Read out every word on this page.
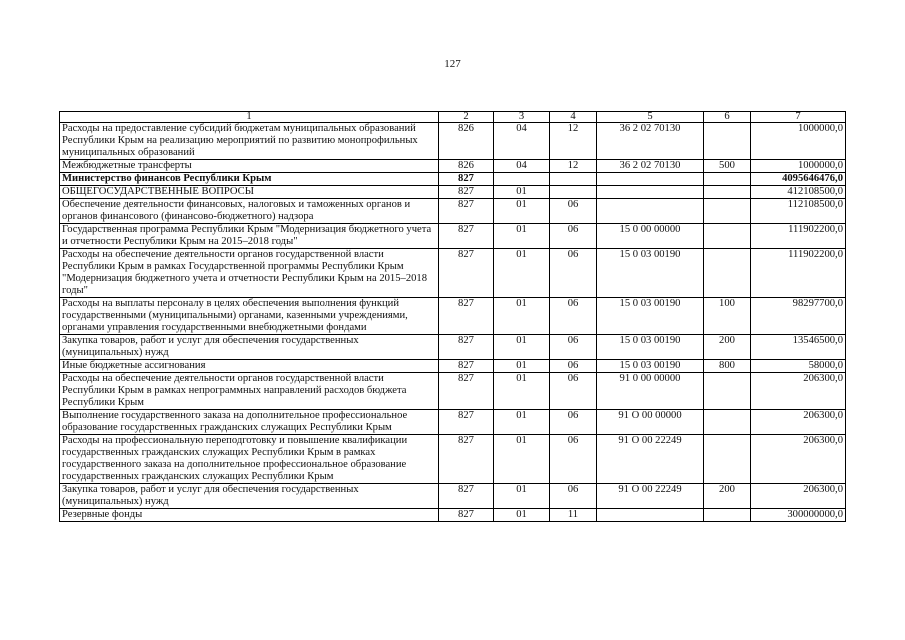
127
1	2	3	4	5	6	7
Расходы на предоставление субсидий бюджетам муниципальных образований Республики Крым на реализацию мероприятий по развитию монопрофильных муниципальных образований	826	04	12	36 2 02 70130		1000000,0
Межбюджетные трансферты	826	04	12	36 2 02 70130	500	1000000,0
Министерство финансов Республики Крым	827					4095646476,0
ОБЩЕГОСУДАРСТВЕННЫЕ ВОПРОСЫ	827	01				412108500,0
Обеспечение деятельности финансовых, налоговых и таможенных органов и органов финансового (финансово-бюджетного) надзора	827	01	06			112108500,0
Государственная программа Республики Крым "Модернизация бюджетного учета и отчетности Республики Крым на 2015–2018 годы"	827	01	06	15 0 00 00000		111902200,0
Расходы на обеспечение деятельности органов государственной власти Республики Крым в рамках Государственной программы Республики Крым "Модернизация бюджетного учета и отчетности Республики Крым на 2015–2018 годы"	827	01	06	15 0 03 00190		111902200,0
Расходы на выплаты персоналу в целях обеспечения выполнения функций государственными (муниципальными) органами, казенными учреждениями, органами управления государственными внебюджетными фондами	827	01	06	15 0 03 00190	100	98297700,0
Закупка товаров, работ и услуг для обеспечения государственных (муниципальных) нужд	827	01	06	15 0 03 00190	200	13546500,0
Иные бюджетные ассигнования	827	01	06	15 0 03 00190	800	58000,0
Расходы на обеспечение деятельности органов государственной власти Республики Крым в рамках непрограммных направлений расходов бюджета Республики Крым	827	01	06	91 0 00 00000		206300,0
Выполнение государственного заказа на дополнительное профессиональное образование государственных гражданских служащих Республики Крым	827	01	06	91 О 00 00000		206300,0
Расходы на профессиональную переподготовку и повышение квалификации государственных гражданских служащих Республики Крым в рамках государственного заказа на дополнительное профессиональное образование государственных гражданских служащих Республики Крым	827	01	06	91 О 00 22249		206300,0
Закупка товаров, работ и услуг для обеспечения государственных (муниципальных) нужд	827	01	06	91 О 00 22249	200	206300,0
Резервные фонды	827	01	11			300000000,0
